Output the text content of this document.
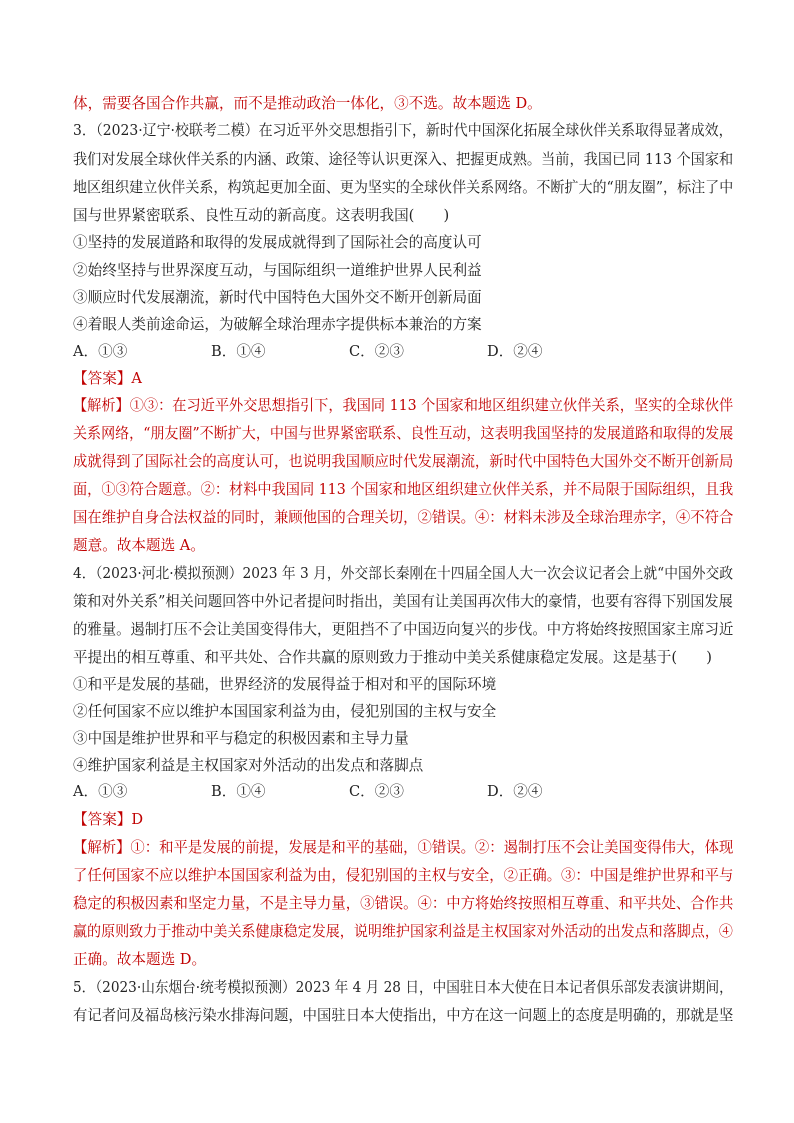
体，需要各国合作共赢，而不是推动政治一体化，③不选。故本题选 D。
3．（2023·辽宁·校联考二模）在习近平外交思想指引下，新时代中国深化拓展全球伙伴关系取得显著成效，
我们对发展全球伙伴关系的内涵、政策、途径等认识更深入、把握更成熟。当前，我国已同 113 个国家和
地区组织建立伙伴关系，构筑起更加全面、更为坚实的全球伙伴关系网络。不断扩大的“朋友圈”，标注了中
国与世界紧密联系、良性互动的新高度。这表明我国(　　)
①坚持的发展道路和取得的发展成就得到了国际社会的高度认可
②始终坚持与世界深度互动，与国际组织一道维护世界人民利益
③顺应时代发展潮流，新时代中国特色大国外交不断开创新局面
④着眼人类前途命运，为破解全球治理赤字提供标本兼治的方案
A．①③	B．①④	C．②③	D．②④
【答案】A
【解析】①③：在习近平外交思想指引下，我国同 113 个国家和地区组织建立伙伴关系，坚实的全球伙伴
关系网络，“朋友圈”不断扩大，中国与世界紧密联系、良性互动，这表明我国坚持的发展道路和取得的发展
成就得到了国际社会的高度认可，也说明我国顺应时代发展潮流，新时代中国特色大国外交不断开创新局
面，①③符合题意。②：材料中我国同 113 个国家和地区组织建立伙伴关系，并不局限于国际组织，且我
国在维护自身合法权益的同时，兼顾他国的合理关切，②错误。④：材料未涉及全球治理赤字，④不符合
题意。故本题选 A。
4．（2023·河北·模拟预测）2023 年 3 月，外交部长秦刚在十四届全国人大一次会议记者会上就“中国外交政
策和对外关系”相关问题回答中外记者提问时指出，美国有让美国再次伟大的豪情，也要有容得下别国发展
的雅量。遏制打压不会让美国变得伟大，更阻挡不了中国迈向复兴的步伐。中方将始终按照国家主席习近
平提出的相互尊重、和平共处、合作共赢的原则致力于推动中美关系健康稳定发展。这是基于(　　)
①和平是发展的基础，世界经济的发展得益于相对和平的国际环境
②任何国家不应以维护本国国家利益为由，侵犯别国的主权与安全
③中国是维护世界和平与稳定的积极因素和主导力量
④维护国家利益是主权国家对外活动的出发点和落脚点
A．①③	B．①④	C．②③	D．②④
【答案】D
【解析】①：和平是发展的前提，发展是和平的基础，①错误。②：遏制打压不会让美国变得伟大，体现
了任何国家不应以维护本国国家利益为由，侵犯别国的主权与安全，②正确。③：中国是维护世界和平与
稳定的积极因素和坚定力量，不是主导力量，③错误。④：中方将始终按照相互尊重、和平共处、合作共
赢的原则致力于推动中美关系健康稳定发展，说明维护国家利益是主权国家对外活动的出发点和落脚点，④
正确。故本题选 D。
5．（2023·山东烟台·统考模拟预测）2023 年 4 月 28 日，中国驻日本大使在日本记者俱乐部发表演讲期间，
有记者问及福岛核污染水排海问题，中国驻日本大使指出，中方在这一问题上的态度是明确的，那就是坚
